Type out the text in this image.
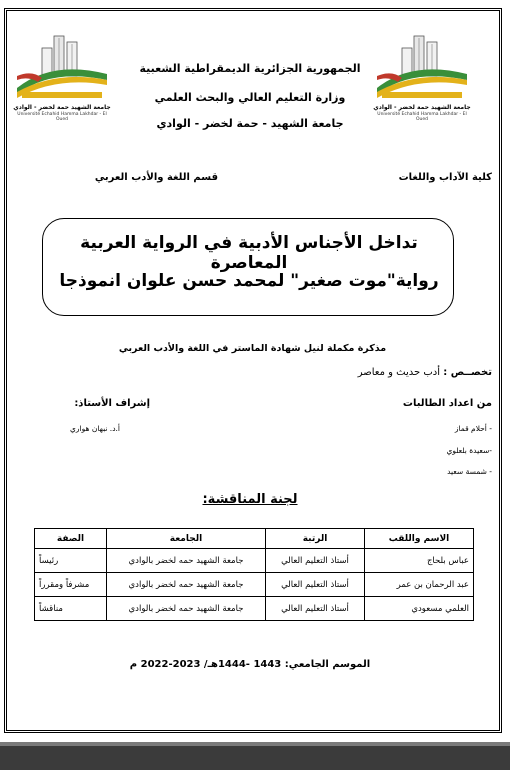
جامعة الشهيد حمة لخضر - الوادي
Université Echahid Hamma Lakhdar - El Oued
جامعة الشهيد حمة لخضر - الوادي
Université Echahid Hamma Lakhdar - El Oued
الجمهورية الجزائرية الديمقراطية الشعبية
وزارة التعليم العالي والبحث العلمي
جامعة الشهيد - حمة لخضر - الوادي
كلية الآداب واللغات
قسم اللغة والأدب العربي
تداخل الأجناس الأدبية في الرواية العربية المعاصرة
رواية"موت صغير" لمحمد حسن علوان انموذجا
مذكرة مكملة لنيل شهادة الماستر في اللغة والأدب العربي
تخصــص : أدب حديث و معاصر
من اعداد الطالبات
إشراف الأستاذ:
- أحلام قماز
-سعيدة بلعلوي
- شمسة سعيد
أ.د. نبهان هواري
لجنة المناقشة:
الاسم واللقب	الرتبة	الجامعة	الصفة
عباس بلحاج	أستاذ التعليم العالي	جامعة الشهيد حمه لخضر بالوادي	رئيساً
عبد الرحمان بن عمر	أستاذ التعليم العالي	جامعة الشهيد حمه لخضر بالوادي	مشرفاً ومقرراً
العلمي مسعودي	أستاذ التعليم العالي	جامعة الشهيد حمه لخضر بالوادي	مناقشاً
الموسم الجامعي: 1443 -1444هـ/ 2023-2022 م
